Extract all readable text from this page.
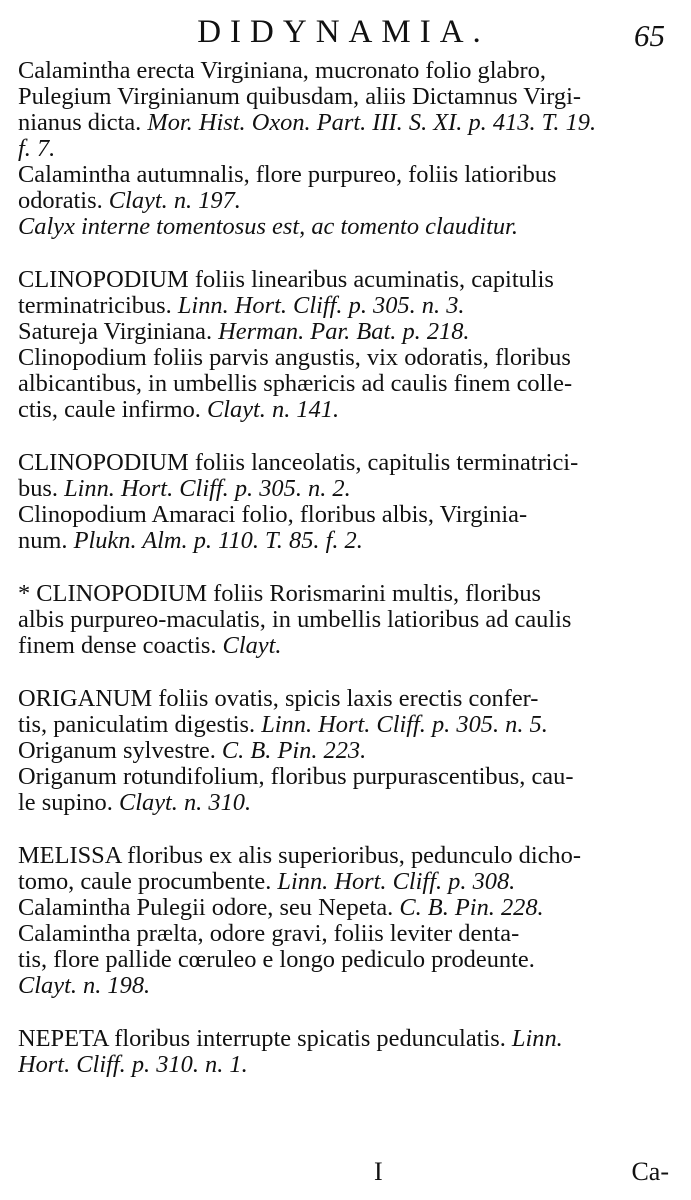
DIDYNAMIA.	65
Calamintha erecta Virginiana, mucronato folio glabro,
Pulegium Virginianum quibusdam, aliis Dictamnus Virgi-
nianus dicta. Mor. Hist. Oxon. Part. III. S. XI. p. 413. T. 19.
f. 7.
Calamintha autumnalis, flore purpureo, foliis latioribus
odoratis. Clayt. n. 197.
Calyx interne tomentosus est, ac tomento clauditur.
CLINOPODIUM foliis linearibus acuminatis, capitulis
terminatricibus. Linn. Hort. Cliff. p. 305. n. 3.
Satureja Virginiana. Herman. Par. Bat. p. 218.
Clinopodium foliis parvis angustis, vix odoratis, floribus
albicantibus, in umbellis sphæricis ad caulis finem colle-
ctis, caule infirmo. Clayt. n. 141.
CLINOPODIUM foliis lanceolatis, capitulis terminatrici-
bus. Linn. Hort. Cliff. p. 305. n. 2.
Clinopodium Amaraci folio, floribus albis, Virginia-
num. Plukn. Alm. p. 110. T. 85. f. 2.
* CLINOPODIUM foliis Rorismarini multis, floribus
albis purpureo-maculatis, in umbellis latioribus ad caulis
finem dense coactis. Clayt.
ORIGANUM foliis ovatis, spicis laxis erectis confer-
tis, paniculatim digestis. Linn. Hort. Cliff. p. 305. n. 5.
Origanum sylvestre. C. B. Pin. 223.
Origanum rotundifolium, floribus purpurascentibus, cau-
le supino. Clayt. n. 310.
MELISSA floribus ex alis superioribus, pedunculo dicho-
tomo, caule procumbente. Linn. Hort. Cliff. p. 308.
Calamintha Pulegii odore, seu Nepeta. C. B. Pin. 228.
Calamintha prælta, odore gravi, foliis leviter denta-
tis, flore pallide cœruleo e longo pediculo prodeunte.
Clayt. n. 198.
NEPETA floribus interrupte spicatis pedunculatis. Linn.
Hort. Cliff. p. 310. n. 1.
I	Ca-
